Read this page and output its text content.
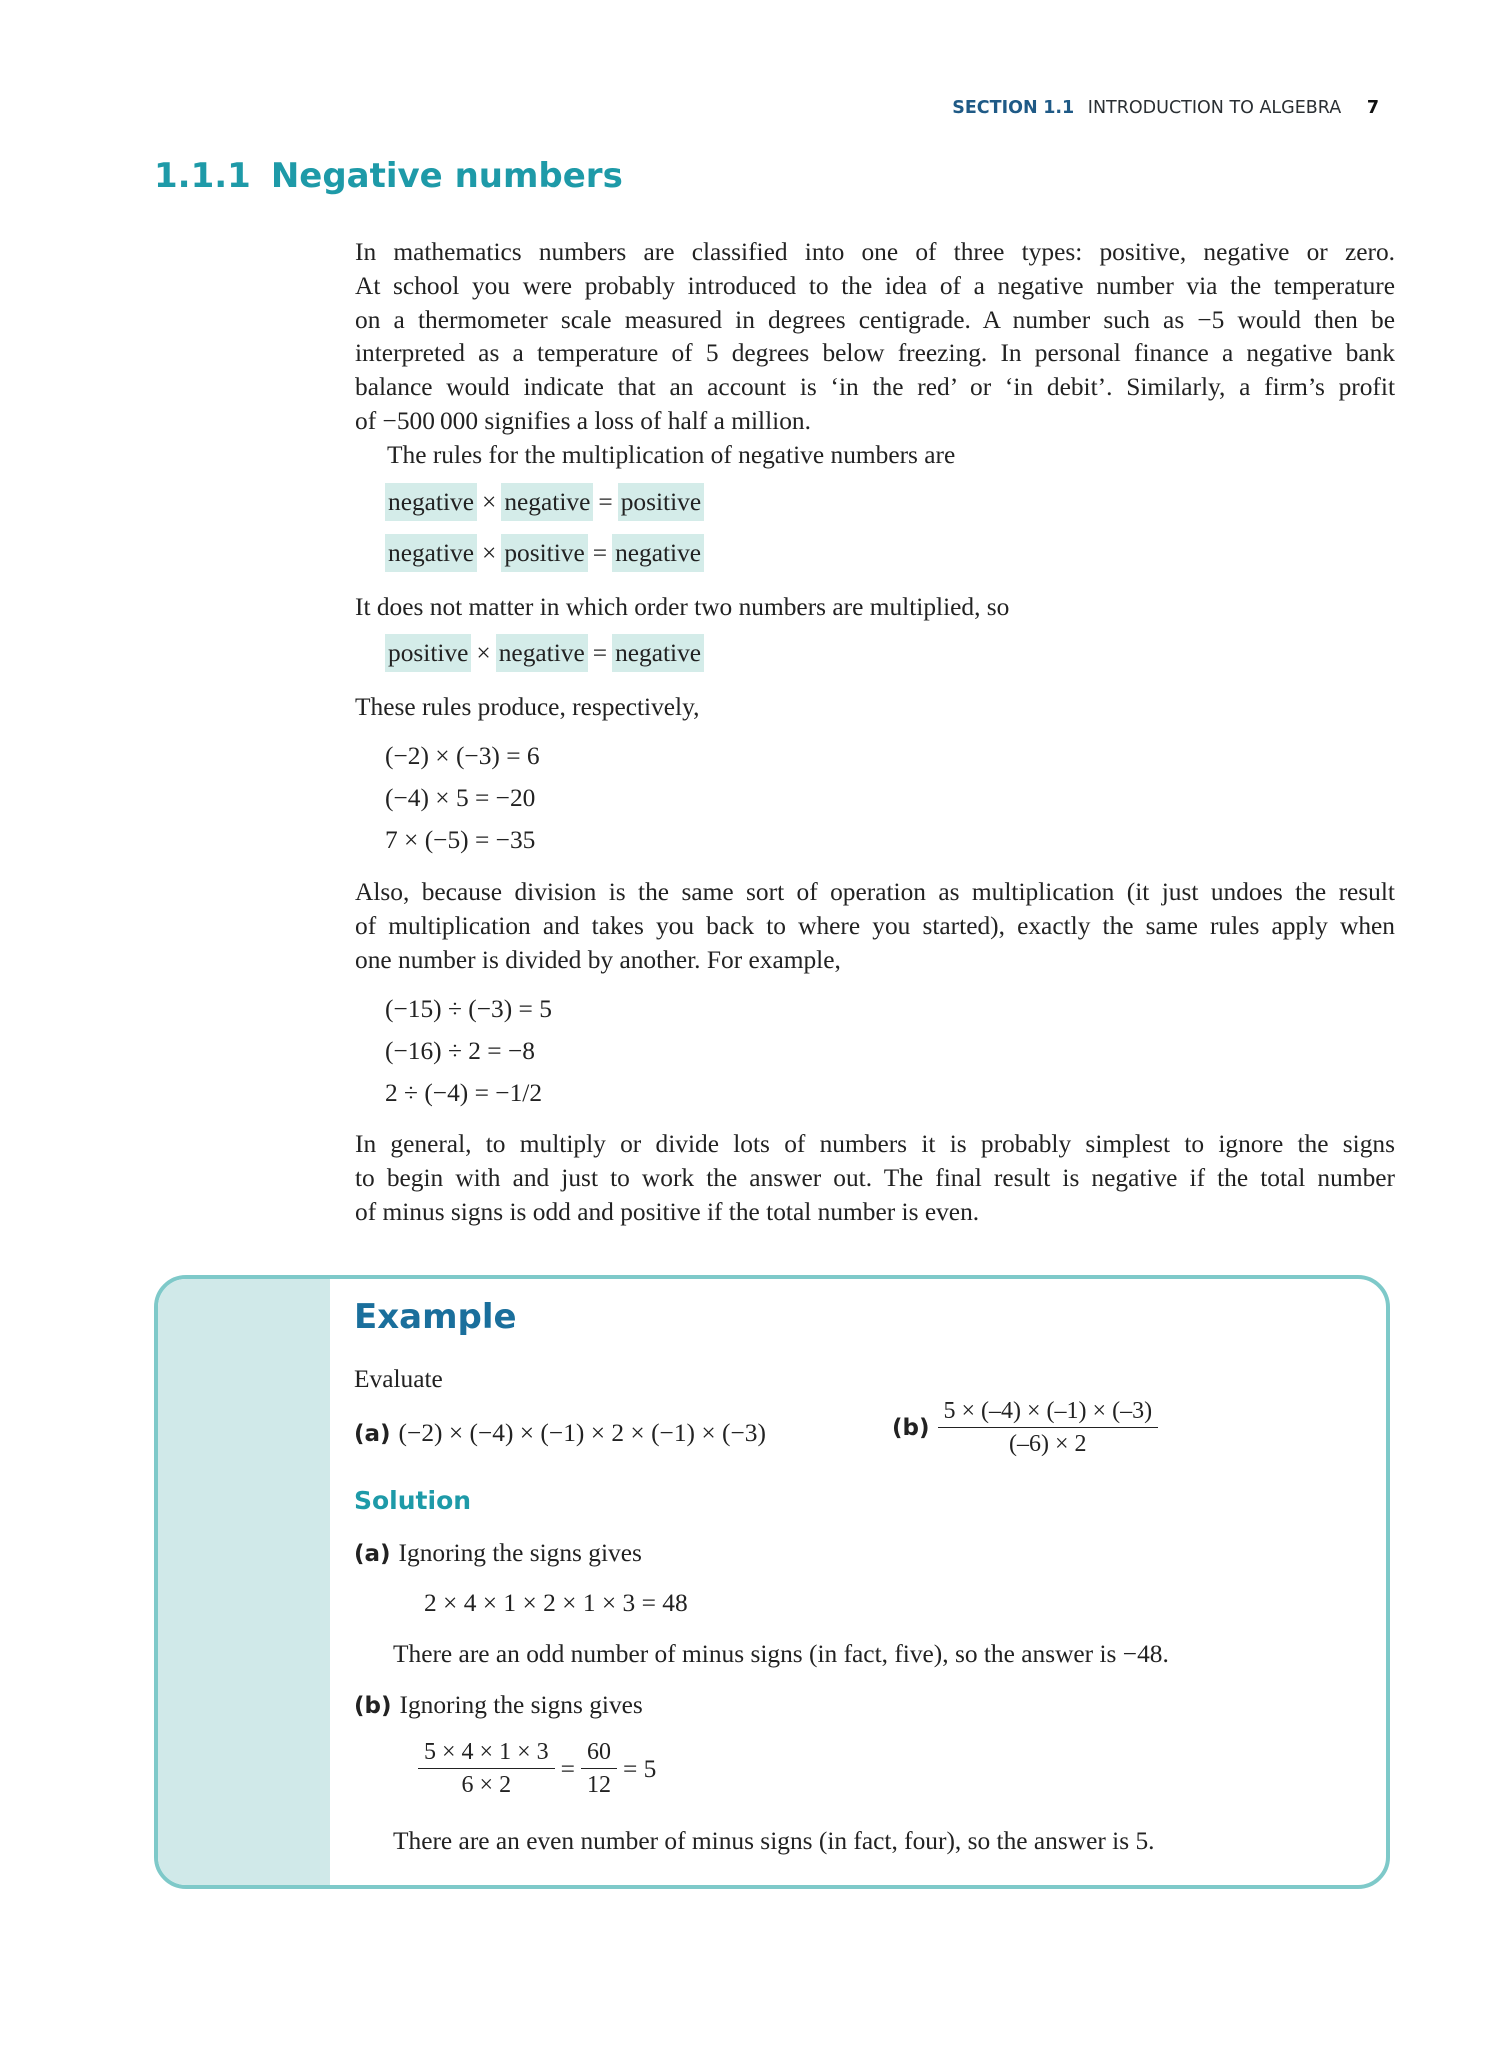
SECTION 1.1 INTRODUCTION TO ALGEBRA 7
1.1.1 Negative numbers
In mathematics numbers are classified into one of three types: positive, negative or zero.
At school you were probably introduced to the idea of a negative number via the temperature
on a thermometer scale measured in degrees centigrade. A number such as −5 would then be
interpreted as a temperature of 5 degrees below freezing. In personal finance a negative bank
balance would indicate that an account is ‘in the red’ or ‘in debit’. Similarly, a firm’s profit
of −500 000 signifies a loss of half a million.

The rules for the multiplication of negative numbers are

negative × negative = positive
negative × positive = negative

It does not matter in which order two numbers are multiplied, so

positive × negative = negative

These rules produce, respectively,

(−2) × (−3) = 6
(−4) × 5 = −20
7 × (−5) = −35
Also, because division is the same sort of operation as multiplication (it just undoes the result
of multiplication and takes you back to where you started), exactly the same rules apply when
one number is divided by another. For example,
(−15) ÷ (−3) = 5
(−16) ÷ 2 = −8
2 ÷ (−4) = −1/2
In general, to multiply or divide lots of numbers it is probably simplest to ignore the signs
to begin with and just to work the answer out. The final result is negative if the total number
of minus signs is odd and positive if the total number is even.
Example
Evaluate
(a) (−2) × (−4) × (−1) × 2 × (−1) × (−3)	$(b) \frac{5 \times (-4) \times (-1) \times (-3)}{(-6) \times 2}$
Solution
(a) Ignoring the signs gives
2 × 4 × 1 × 2 × 1 × 3 = 48
There are an odd number of minus signs (in fact, five), so the answer is −48.
(b) Ignoring the signs gives
$\frac{5 \times 4 \times 1 \times 3}{6 \times 2} = \frac{60}{12} = 5$
There are an even number of minus signs (in fact, four), so the answer is 5.
